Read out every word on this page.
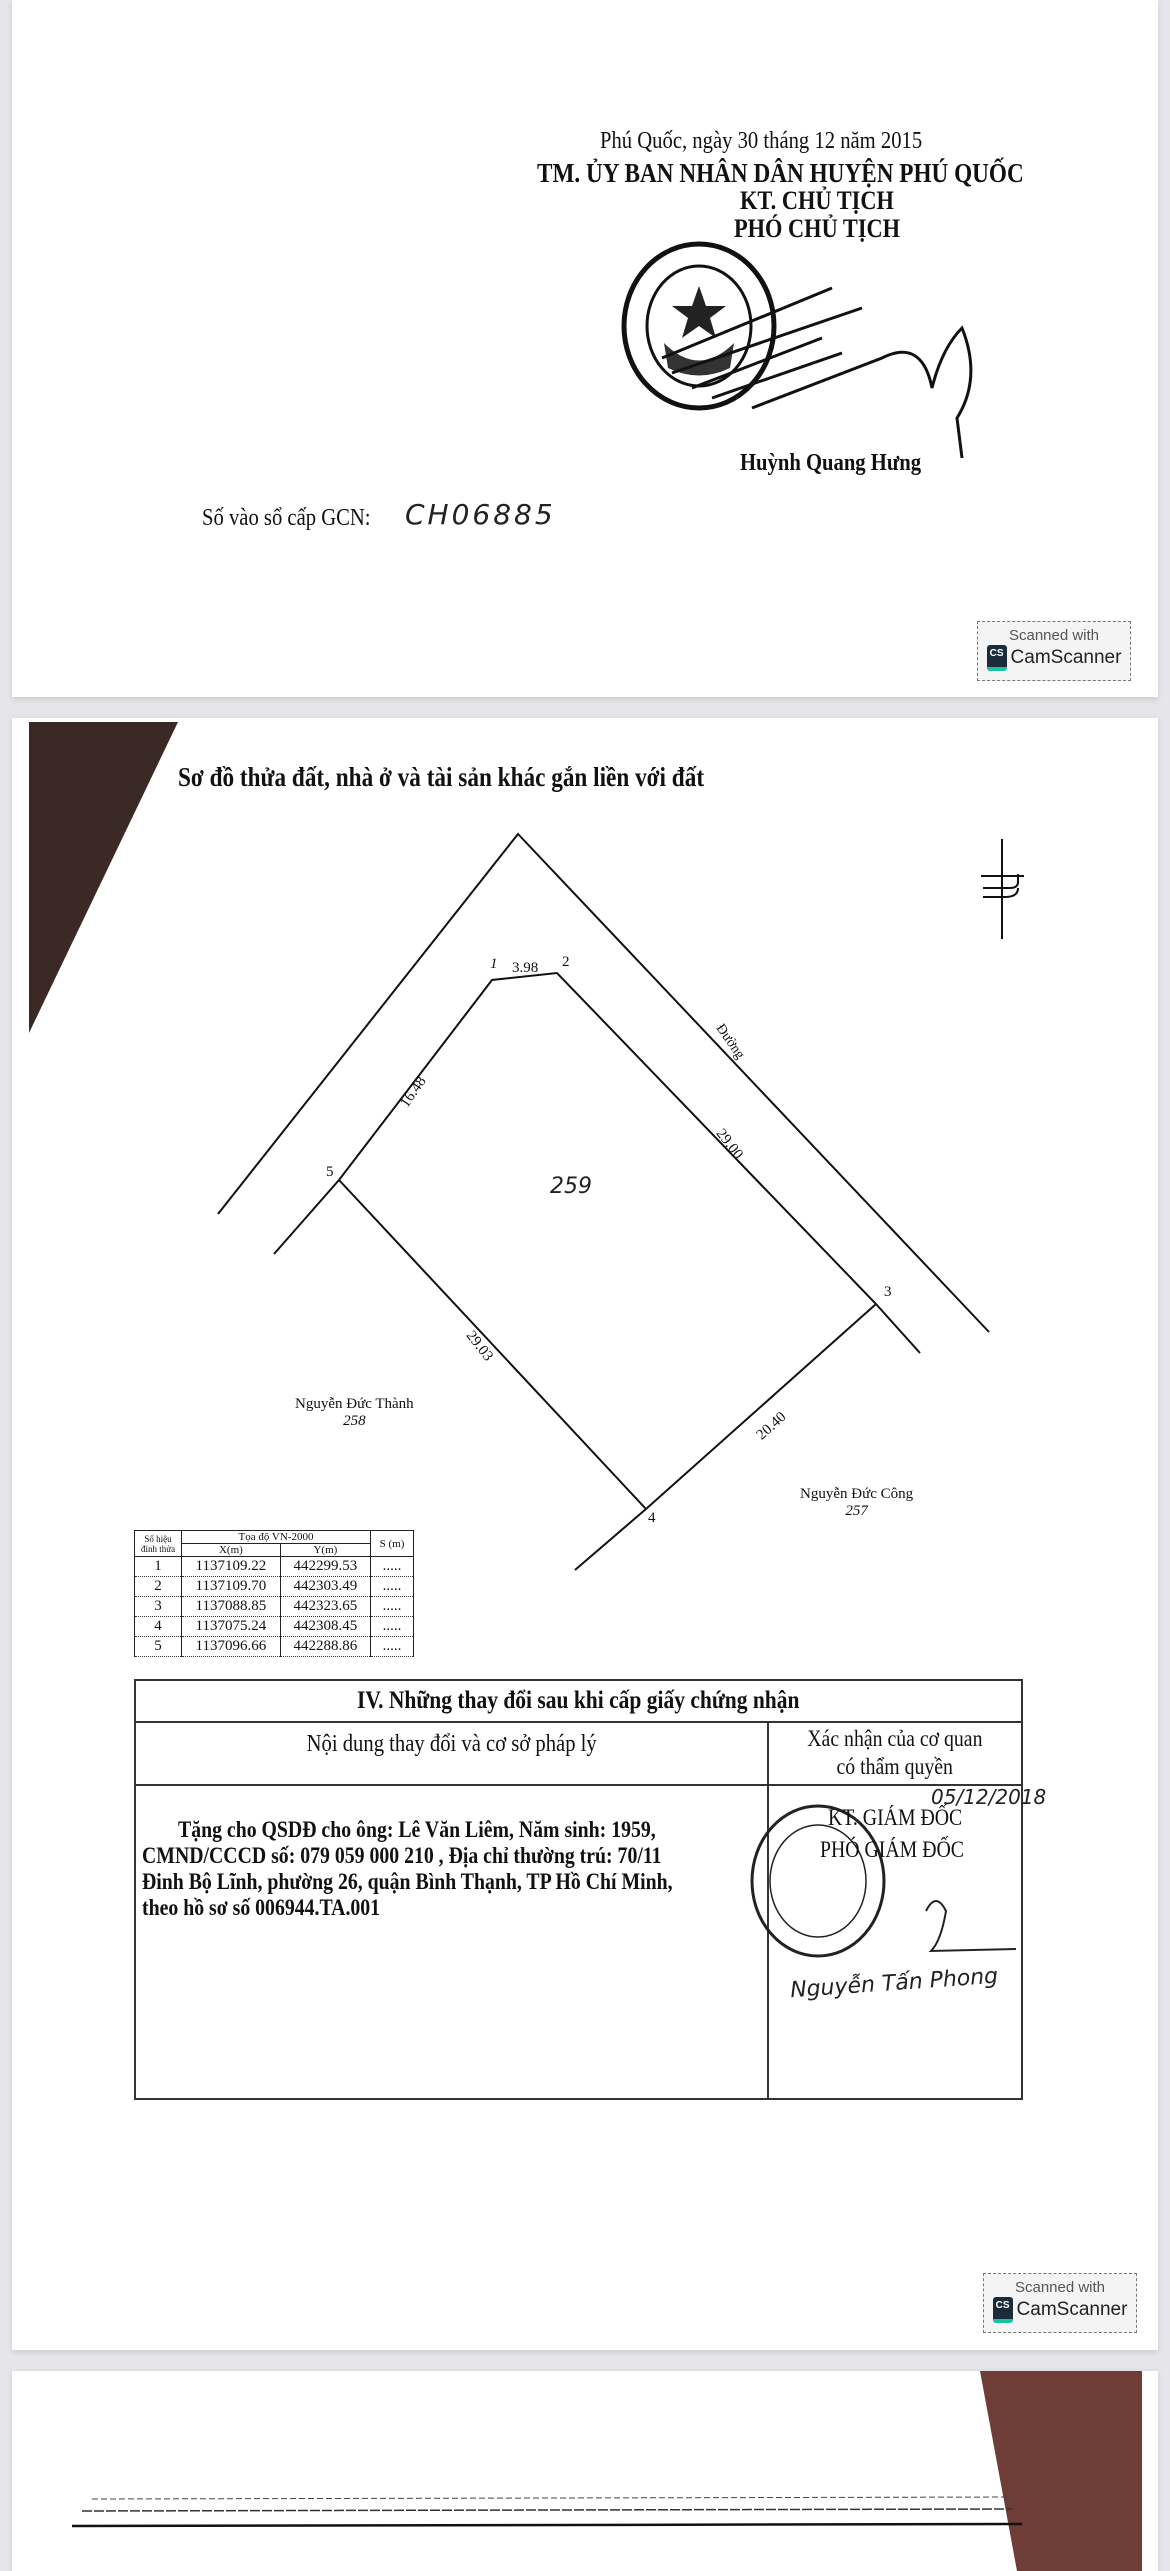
Phú Quốc, ngày 30 tháng 12 năm 2015
TM. ỦY BAN NHÂN DÂN HUYỆN PHÚ QUỐC
KT. CHỦ TỊCH
PHÓ CHỦ TỊCH
Huỳnh Quang Hưng
Số vào sổ cấp GCN:	CH06885
Scanned with
CS CamScanner
Sơ đồ thửa đất, nhà ở và tài sản khác gắn liền với đất
1	2
3
4
5
3.98
16.48
Đường
29.00
259
29.03
20.40
Nguyễn Đức Thành
258
Nguyễn Đức Công
257
Số hiệu đỉnh thửa	Tọa độ VN-2000		S (m)
	X(m)	Y(m)	
1	1137109.22	442299.53	.....
2	1137109.70	442303.49	.....
3	1137088.85	442323.65	.....
4	1137075.24	442308.45	.....
5	1137096.66	442288.86	.....
IV. Những thay đổi sau khi cấp giấy chứng nhận
Nội dung thay đổi và cơ sở pháp lý	Xác nhận của cơ quan
có thẩm quyền
Tặng cho QSDĐ cho ông: Lê Văn Liêm, Năm sinh: 1959,
CMND/CCCD số: 079 059 000 210 , Địa chỉ thường trú: 70/11
Đinh Bộ Lĩnh, phường 26, quận Bình Thạnh, TP Hồ Chí Minh,
theo hồ sơ số 006944.TA.001
05/12/2018
KT. GIÁM ĐỐC
PHÓ GIÁM ĐỐC
Nguyễn Tấn Phong
Scanned with
CS CamScanner
